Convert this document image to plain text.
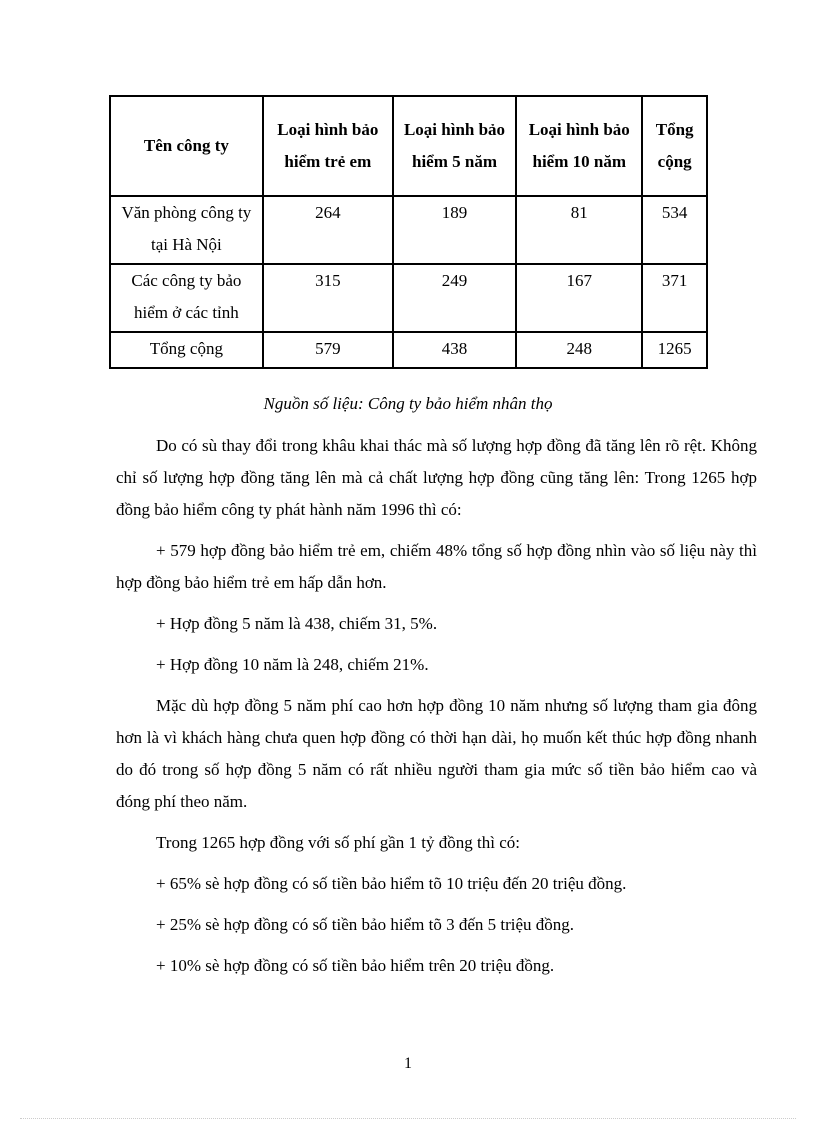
Tên công ty	Loại hình bảo hiểm trẻ em	Loại hình bảo hiểm 5 năm	Loại hình bảo hiểm 10 năm	Tổng cộng
Văn phòng công ty tại Hà Nội	264	189	81	534
Các công ty bảo hiểm ở các tỉnh	315	249	167	371
Tổng cộng	579	438	248	1265
Nguồn số liệu: Công ty bảo hiểm nhân thọ

Do có sù thay đổi trong khâu khai thác mà số lượng hợp đồng đã tăng lên rõ rệt. Không chỉ số lượng hợp đồng tăng lên mà cả chất lượng hợp đồng cũng tăng lên: Trong 1265 hợp đồng bảo hiểm công ty phát hành năm 1996 thì có:

+ 579 hợp đồng bảo hiểm trẻ em, chiếm 48% tổng số hợp đồng nhìn vào số liệu này thì hợp đồng bảo hiểm trẻ em hấp dẫn hơn.

+ Hợp đồng 5 năm là 438, chiếm 31, 5%.

+ Hợp đồng 10 năm là 248, chiếm 21%.

Mặc dù hợp đồng 5 năm phí cao hơn hợp đồng 10 năm nhưng số lượng tham gia đông hơn là vì khách hàng chưa quen hợp đồng có thời hạn dài, họ muốn kết thúc hợp đồng nhanh do đó trong số hợp đồng 5 năm có rất nhiều người tham gia mức số tiền bảo hiểm cao và đóng phí theo năm.

Trong 1265 hợp đồng với số phí gần 1 tỷ đồng thì có:

+ 65% sè hợp đồng có số tiền bảo hiểm tõ 10 triệu đến 20 triệu đồng.

+ 25% sè hợp đồng có số tiền bảo hiểm tõ 3 đến 5 triệu đồng.

+ 10% sè hợp đồng có số tiền bảo hiểm trên 20 triệu đồng.

1
